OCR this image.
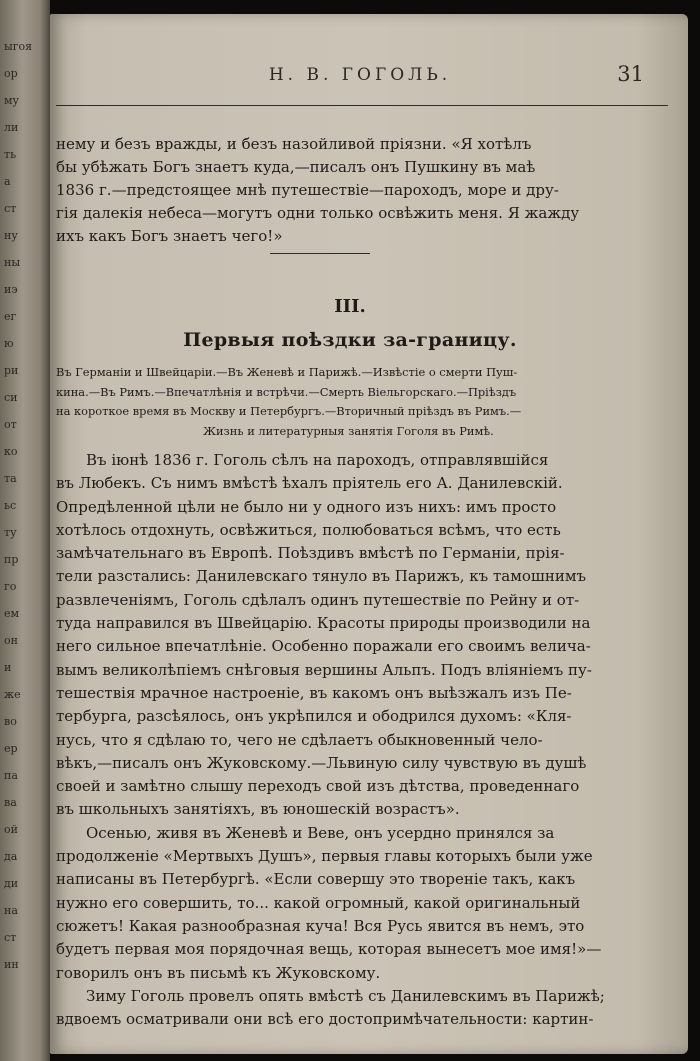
ыгоя
ор
му
ли
ть
а
ст
ну
ны
иэ
ег
ю
ри
си
от
ко
та
ьс
ту
пр
го
ем
он
и
же
во
ер
па
ва
ой
да
ди
на
ст
ин
Н. В. ГОГОЛЬ.	31

нему и безъ вражды, и безъ назойливой пріязни. «Я хотѣлъ
бы убѣжать Богъ знаетъ куда,—писалъ онъ Пушкину въ маѣ
1836 г.—предстоящее мнѣ путешествіе—пароходъ, море и дру-
гія далекія небеса—могутъ одни только освѣжить меня. Я жажду
ихъ какъ Богъ знаетъ чего!»

III.
Первыя поѣздки за-границу.
Въ Германіи и Швейцаріи.—Въ Женевѣ и Парижѣ.—Извѣстіе о смерти Пуш-
кина.—Въ Римъ.—Впечатлѣнія и встрѣчи.—Смерть Віельгорскаго.—Пріѣздъ
на короткое время въ Москву и Петербургъ.—Вторичный пріѣздъ въ Римъ.—
Жизнь и литературныя занятія Гоголя въ Римѣ.
Въ іюнѣ 1836 г. Гоголь сѣлъ на пароходъ, отправлявшійся
въ Любекъ. Съ нимъ вмѣстѣ ѣхалъ пріятель его А. Данилевскій.
Опредѣленной цѣли не было ни у одного изъ нихъ: имъ просто
хотѣлось отдохнуть, освѣжиться, полюбоваться всѣмъ, что есть
замѣчательнаго въ Европѣ. Поѣздивъ вмѣстѣ по Германіи, прія-
тели разстались: Данилевскаго тянуло въ Парижъ, къ тамошнимъ
развлеченіямъ, Гоголь сдѣлалъ одинъ путешествіе по Рейну и от-
туда направился въ Швейцарію. Красоты природы производили на
него сильное впечатлѣніе. Особенно поражали его своимъ велича-
вымъ великолѣпіемъ снѣговыя вершины Альпъ. Подъ вліяніемъ пу-
тешествія мрачное настроеніе, въ какомъ онъ выѣзжалъ изъ Пе-
тербурга, разсѣялось, онъ укрѣпился и ободрился духомъ: «Кля-
нусь, что я сдѣлаю то, чего не сдѣлаетъ обыкновенный чело-
вѣкъ,—писалъ онъ Жуковскому.—Львиную силу чувствую въ душѣ
своей и замѣтно слышу переходъ свой изъ дѣтства, проведеннаго
въ школьныхъ занятіяхъ, въ юношескій возрастъ».
Осенью, живя въ Женевѣ и Веве, онъ усердно принялся за
продолженіе «Мертвыхъ Душъ», первыя главы которыхъ были уже
написаны въ Петербургѣ. «Если совершу это твореніе такъ, какъ
нужно его совершить, то... какой огромный, какой оригинальный
сюжетъ! Какая разнообразная куча! Вся Русь явится въ немъ, это
будетъ первая моя порядочная вещь, которая вынесетъ мое имя!»—
говорилъ онъ въ письмѣ къ Жуковскому.
Зиму Гоголь провелъ опять вмѣстѣ съ Данилевскимъ въ Парижѣ;
вдвоемъ осматривали они всѣ его достопримѣчательности: картин-
